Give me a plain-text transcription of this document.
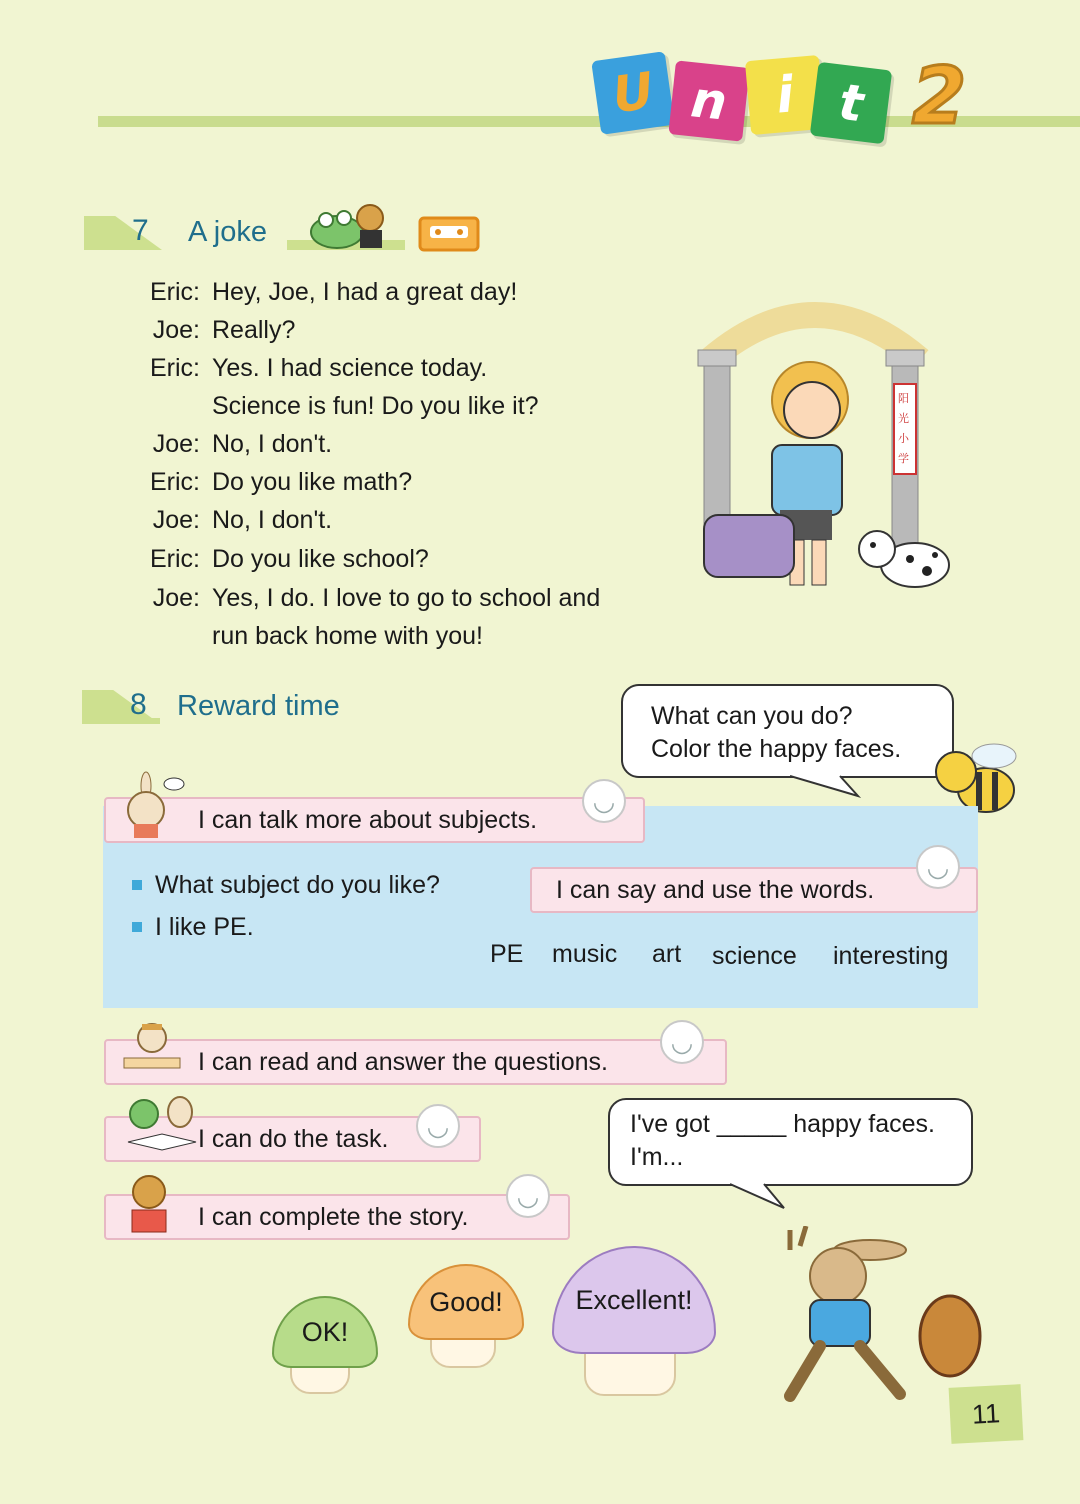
U n i t 2
7 A joke
Eric: Hey, Joe, I had a great day!
Joe: Really?
Eric: Yes. I had science today.
Science is fun! Do you like it?
Joe: No, I don't.
Eric: Do you like math?
Joe: No, I don't.
Eric: Do you like school?
Joe: Yes, I do. I love to go to school and
run back home with you!
阳
光
小
学
8 Reward time	What can you do?
Color the happy faces.
I can talk more about subjects.
◡
What subject do you like?
I like PE.
I can say and use the words.
◡
PE music art science interesting
I can read and answer the questions.
◡
I can do the task.	◡
I can complete the story.
◡
I've got _____ happy faces.
I'm...
OK!
Good!	Excellent!
11
